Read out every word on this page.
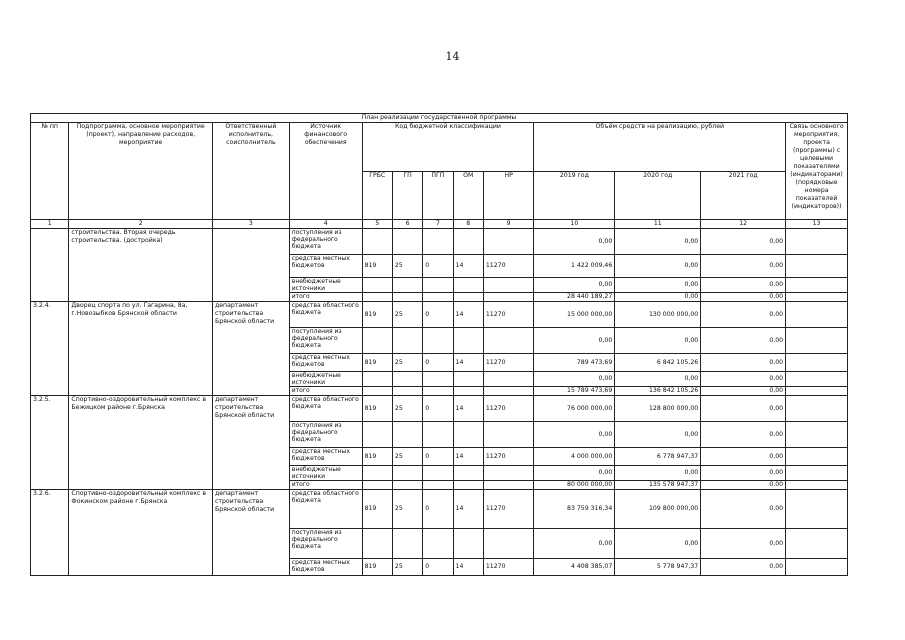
14
План реализации государственной программы												
№ пп	Подпрограмма, основное мероприятие (проект), направление расходов, мероприятие	Ответственный исполнитель, соисполнитель	Источник финансового обеспечения	Код бюджетной классификации					Объём средств на реализацию, рублей			Связь основного мероприятия, проекта (программы) с целевыми показателями (индикаторами) (порядковые номера показателей (индикаторов))
				ГРБС	ГП	ПГП	ОМ	НР	2019 год	2020 год	2021 год	
1	2	3	4	5	6	7	8	9	10	11	12	13
	строительства. Вторая очередь строительства. (достройка)		поступления из федерального бюджета						0,00	0,00	0,00	
			средства местных бюджетов	819	25	0	14	11270	1 422 009,46	0,00	0,00	
			внебюджетные источники						0,00	0,00	0,00	
			итого						28 440 189,27	0,00	0,00	
3.2.4.	Дворец спорта по ул. Гагарина, 8а, г.Новозыбков Брянской области	департамент строительства Брянской области	средства областного бюджета	819	25	0	14	11270	15 000 000,00	130 000 000,00	0,00	
			поступления из федерального бюджета						0,00	0,00	0,00	
			средства местных бюджетов	819	25	0	14	11270	789 473,69	6 842 105,26	0,00	
			внебюджетные источники						0,00	0,00	0,00	
			итого						15 789 473,69	136 842 105,26	0,00	
3.2.5.	Спортивно-оздоровительный комплекс в Бежицком районе г.Брянска	департамент строительства Брянской области	средства областного бюджета	819	25	0	14	11270	76 000 000,00	128 800 000,00	0,00	
			поступления из федерального бюджета						0,00	0,00	0,00	
			средства местных бюджетов	819	25	0	14	11270	4 000 000,00	6 778 947,37	0,00	
			внебюджетные источники						0,00	0,00	0,00	
			итого						80 000 000,00	135 578 947,37	0,00	
3.2.6.	Спортивно-оздоровительный комплекс в Фокинском районе г.Брянска	департамент строительства Брянской области	средства областного бюджета	819	25	0	14	11270	83 759 316,34	109 800 000,00	0,00	
			поступления из федерального бюджета						0,00	0,00	0,00	
			средства местных бюджетов	819	25	0	14	11270	4 408 385,07	5 778 947,37	0,00	
